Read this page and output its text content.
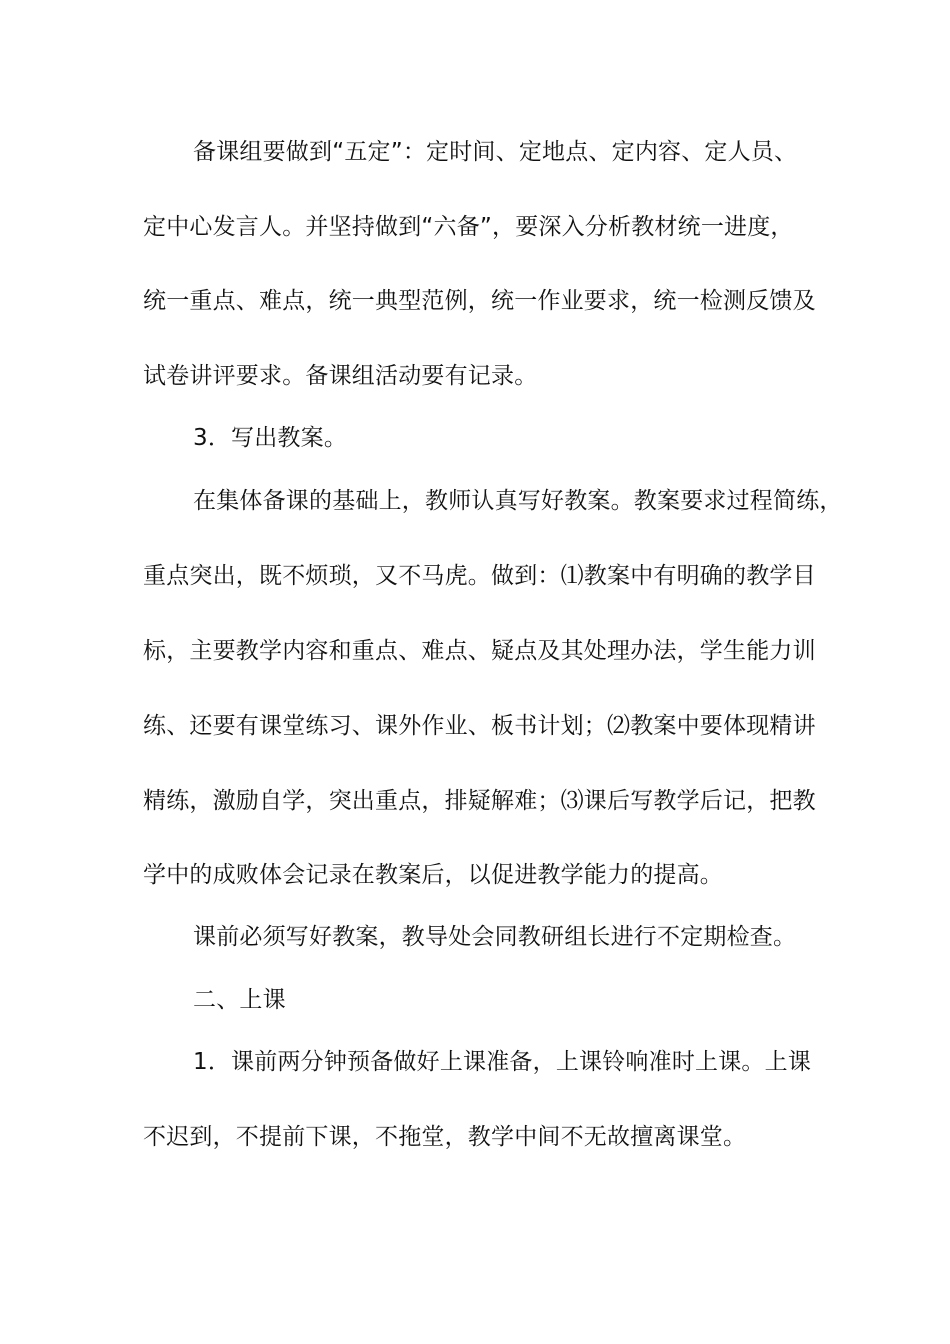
备课组要做到“五定”：定时间、定地点、定内容、定人员、
定中心发言人。并坚持做到“六备”，要深入分析教材统一进度，
统一重点、难点，统一典型范例，统一作业要求，统一检测反馈及
试卷讲评要求。备课组活动要有记录。
3．写出教案。
在集体备课的基础上，教师认真写好教案。教案要求过程简练，
重点突出，既不烦琐，又不马虎。做到：⑴教案中有明确的教学目
标，主要教学内容和重点、难点、疑点及其处理办法，学生能力训
练、还要有课堂练习、课外作业、板书计划；⑵教案中要体现精讲
精练，激励自学，突出重点，排疑解难；⑶课后写教学后记，把教
学中的成败体会记录在教案后，以促进教学能力的提高。
课前必须写好教案，教导处会同教研组长进行不定期检查。
二、上课
1．课前两分钟预备做好上课准备，上课铃响准时上课。上课
不迟到，不提前下课，不拖堂，教学中间不无故擅离课堂。
